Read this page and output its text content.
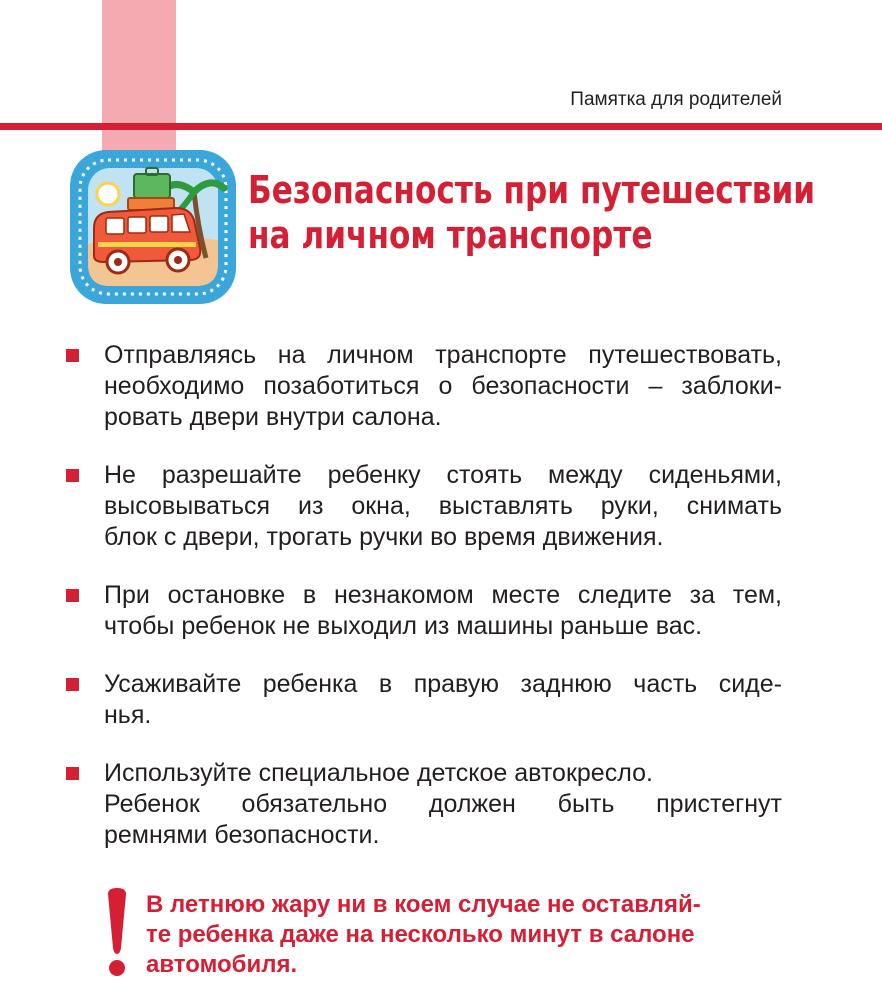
Памятка для родителей
Безопасность при путешествии
на личном транспорте
Отправляясь на личном транспорте путешествовать,
необходимо позаботиться о безопасности – заблоки-
ровать двери внутри салона.
Не разрешайте ребенку стоять между сиденьями,
высовываться из окна, выставлять руки, снимать
блок с двери, трогать ручки во время движения.
При остановке в незнакомом месте следите за тем,
чтобы ребенок не выходил из машины раньше вас.
Усаживайте ребенка в правую заднюю часть сиде-
нья.
Используйте специальное детское автокресло.
Ребенок обязательно должен быть пристегнут
ремнями безопасности.
В летнюю жару ни в коем случае не оставляй-
те ребенка даже на несколько минут в салоне
автомобиля.
